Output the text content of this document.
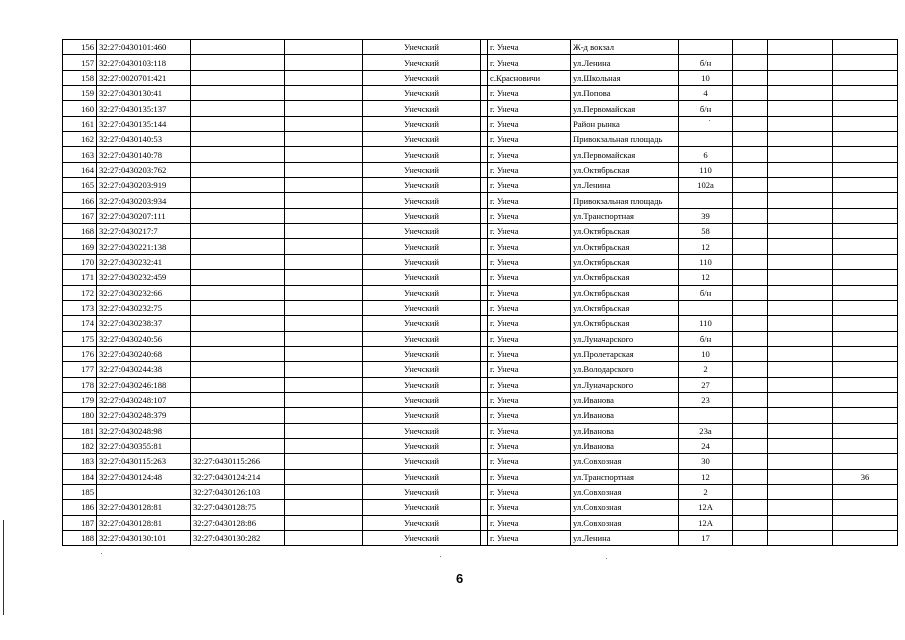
156	32:27:0430101:460			Унечский		г. Унеча	Ж-д вокзал				
157	32:27:0430103:118			Унечский		г. Унеча	ул.Ленина	б/н			
158	32:27:0020701:421			Унечский		с.Красновичи	ул.Школьная	10			
159	32:27:0430130:41			Унечский		г. Унеча	ул.Попова	4			
160	32:27:0430135:137			Унечский		г. Унеча	ул.Первомайская	б/н			
161	32:27:0430135:144			Унечский		г. Унеча	Район рынка				
162	32:27:0430140:53			Унечский		г. Унеча	Привокзальная площадь				
163	32:27:0430140:78			Унечский		г. Унеча	ул.Первомайская	6			
164	32:27:0430203:762			Унечский		г. Унеча	ул.Октябрьская	110			
165	32:27:0430203:919			Унечский		г. Унеча	ул.Ленина	102а			
166	32:27:0430203:934			Унечский		г. Унеча	Привокзальная площадь				
167	32:27:0430207:111			Унечский		г. Унеча	ул.Транспортная	39			
168	32:27:0430217:7			Унечский		г. Унеча	ул.Октябрьская	58			
169	32:27:0430221:138			Унечский		г. Унеча	ул.Октябрьская	12			
170	32:27:0430232:41			Унечский		г. Унеча	ул.Октябрьская	110			
171	32:27:0430232:459			Унечский		г. Унеча	ул.Октябрьская	12			
172	32:27:0430232:66			Унечский		г. Унеча	ул.Октябрьская	б/н			
173	32:27:0430232:75			Унечский		г. Унеча	ул.Октябрьская				
174	32:27:0430238:37			Унечский		г. Унеча	ул.Октябрьская	110			
175	32:27:0430240:56			Унечский		г. Унеча	ул.Луначарского	б/н			
176	32:27:0430240:68			Унечский		г. Унеча	ул.Пролетарская	10			
177	32:27:0430244:38			Унечский		г. Унеча	ул.Володарского	2			
178	32:27:0430246:188			Унечский		г. Унеча	ул.Луначарского	27			
179	32:27:0430248:107			Унечский		г. Унеча	ул.Иванова	23			
180	32:27:0430248:379			Унечский		г. Унеча	ул.Иванова				
181	32:27:0430248:98			Унечский		г. Унеча	ул.Иванова	23а			
182	32:27:0430355:81			Унечский		г. Унеча	ул.Иванова	24			
183	32:27:0430115:263	32:27:0430115:266		Унечский		г. Унеча	ул.Совхозная	30			
184	32:27:0430124:48	32:27:0430124:214		Унечский		г. Унеча	ул.Транспортная	12			36
185		32:27:0430126:103		Унечский		г. Унеча	ул.Совхозная	2			
186	32:27:0430128:81	32:27:0430128:75		Унечский		г. Унеча	ул.Совхозная	12А			
187	32:27:0430128:81	32:27:0430128:86		Унечский		г. Унеча	ул.Совхозная	12А			
188	32:27:0430130:101	32:27:0430130:282		Унечский		г. Унеча	ул.Ленина	17			
6
